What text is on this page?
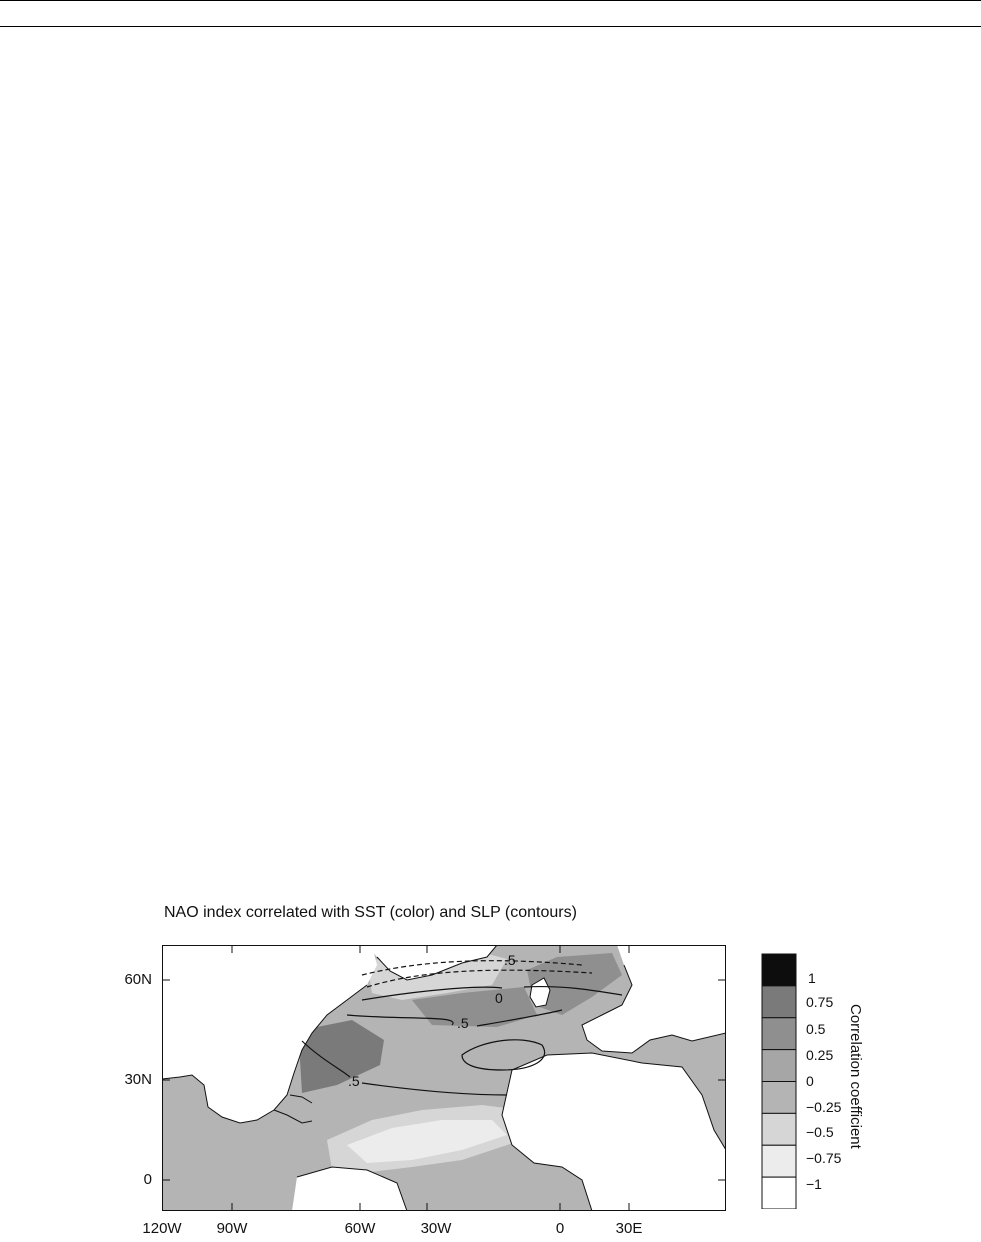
NAO index correlated with SST (color) and SLP (contours)
.5
0
.5
.5
60N
30N
0
120W	90W	60W	30W	0	30E
1
0.75
0.5
0.25
0
−0.25
−0.5
−0.75
−1
Correlation coefficient
